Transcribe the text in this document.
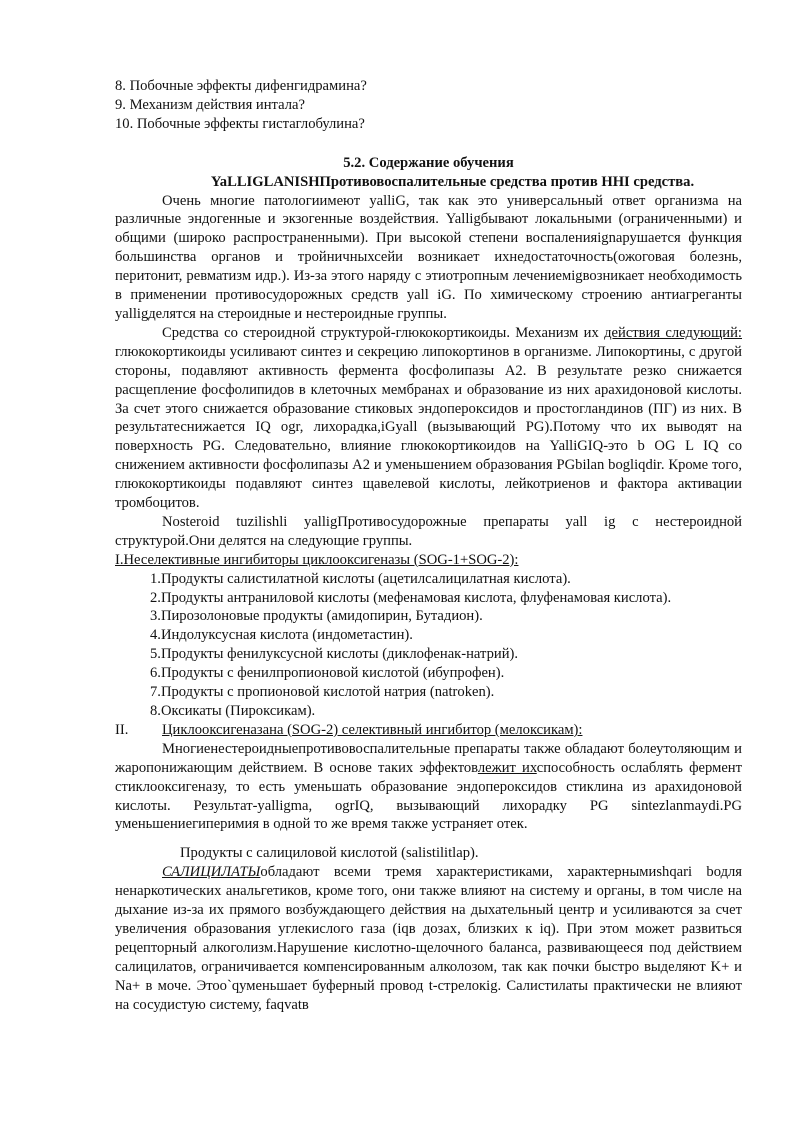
8. Побочные эффекты дифенгидрамина?

9. Механизм действия интала?

10. Побочные эффекты гистаглобулина?

5.2. Содержание обучения

YaLLIGLANISHПротивовоспалительные средства против HHI средства.

Очень многие патологиимеют yalliG, так как это универсальный ответ организма на различные эндогенные и экзогенные воздействия. Yalligбывают локальными (ограниченными) и общими (широко распространенными). При высокой степени воспаленияignарушается функция большинства органов и тройничныхсейи возникает ихнедостаточность(ожоговая болезнь, перитонит, ревматизм идр.). Из-за этого наряду с этиотропным лечениемigвозникает необходимость в применении противосудорожных средств yall iG. По химическому строению антиагреганты yalligделятся на стероидные и нестероидные группы.

Средства со стероидной структурой-глюкокортикоиды. Механизм их действия следующий: глюкокортикоиды усиливают синтез и секрецию липокортинов в организме. Липокортины, с другой стороны, подавляют активность фермента фосфолипазы А2. В результате резко снижается расщепление фосфолипидов в клеточных мембранах и образование из них арахидоновой кислоты. За счет этого снижается образование стиковых эндопероксидов и простогландинов (ПГ) из них. В результатеснижается IQ ogr, лихорадка,iGyall (вызывающий PG).Потому что их выводят на поверхность PG. Следовательно, влияние глюкокортикоидов на YalliGIQ-это b OG L IQ со снижением активности фосфолипазы А2 и уменьшением образования PGbilan bogliqdir. Кроме того, глюкокортикоиды подавляют синтез щавелевой кислоты, лейкотриенов и фактора активации тромбоцитов.

Nosteroid tuzilishli yalligПротивосудорожные препараты yall ig с нестероидной структурой.Они делятся на следующие группы.

I.Неселективные ингибиторы циклооксигеназы (SOG-1+SOG-2):

1.Продукты салистилатной кислоты (ацетилсалицилатная кислота).

2.Продукты антраниловой кислоты (мефенамовая кислота, флуфенамовая кислота).

3.Пирозолоновые продукты (амидопирин, Бутадион).

4.Индолуксусная кислота (индометастин).

5.Продукты фенилуксусной кислоты (диклофенак-натрий).

6.Продукты с фенилпропионовой кислотой (ибупрофен).

7.Продукты с пропионовой кислотой натрия (natroken).

8.Оксикаты (Пироксикам).

II. Циклооксигеназана (SOG-2) селективный ингибитор (мелоксикам):

Многиенестероидныепротивовоспалительные препараты также обладают болеутоляющим и жаропонижающим действием. В основе таких эффектовлежит ихспособность ослаблять фермент стиклооксигеназу, то есть уменьшать образование эндопероксидов стиклина из арахидоновой кислоты. Результат-yalligma, ogrIQ, вызывающий лихорадку PG sintezlanmaydi.PG уменьшениегиперимия в одной то же время также устраняет отек.

Продукты с салициловой кислотой (salistilitlap).

САЛИЦИЛАТЫобладают всеми тремя характеристиками, характернымиshqari bодля ненаркотических анальгетиков, кроме того, они также влияют на систему и органы, в том числе на дыхание из-за их прямого возбуждающего действия на дыхательный центр и усиливаются за счет увеличения образования углекислого газа (iqв дозах, близких к iq). При этом может развиться рецепторный алкоголизм.Нарушение кислотно-щелочного баланса, развивающееся под действием салицилатов, ограничивается компенсированным алколозом, так как почки быстро выделяют K+ и Na+ в моче. Этоо`qуменьшает буферный провод t-стрелокig. Салистилаты практически не влияют на сосудистую систему, faqvatв
